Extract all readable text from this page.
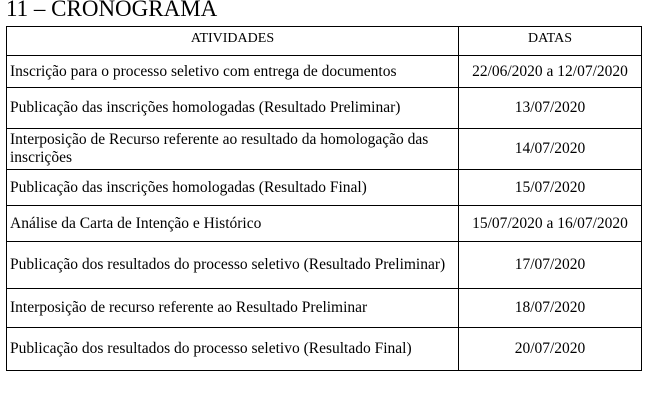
11 – CRONOGRAMA
ATIVIDADES	DATAS
Inscrição para o processo seletivo com entrega de documentos	22/06/2020 a 12/07/2020
Publicação das inscrições homologadas (Resultado Preliminar)	13/07/2020
Interposição de Recurso referente ao resultado da homologação das inscrições	14/07/2020
Publicação das inscrições homologadas (Resultado Final)	15/07/2020
Análise da Carta de Intenção e Histórico	15/07/2020 a 16/07/2020
Publicação dos resultados do processo seletivo (Resultado Preliminar)	17/07/2020
Interposição de recurso referente ao Resultado Preliminar	18/07/2020
Publicação dos resultados do processo seletivo (Resultado Final)	20/07/2020
